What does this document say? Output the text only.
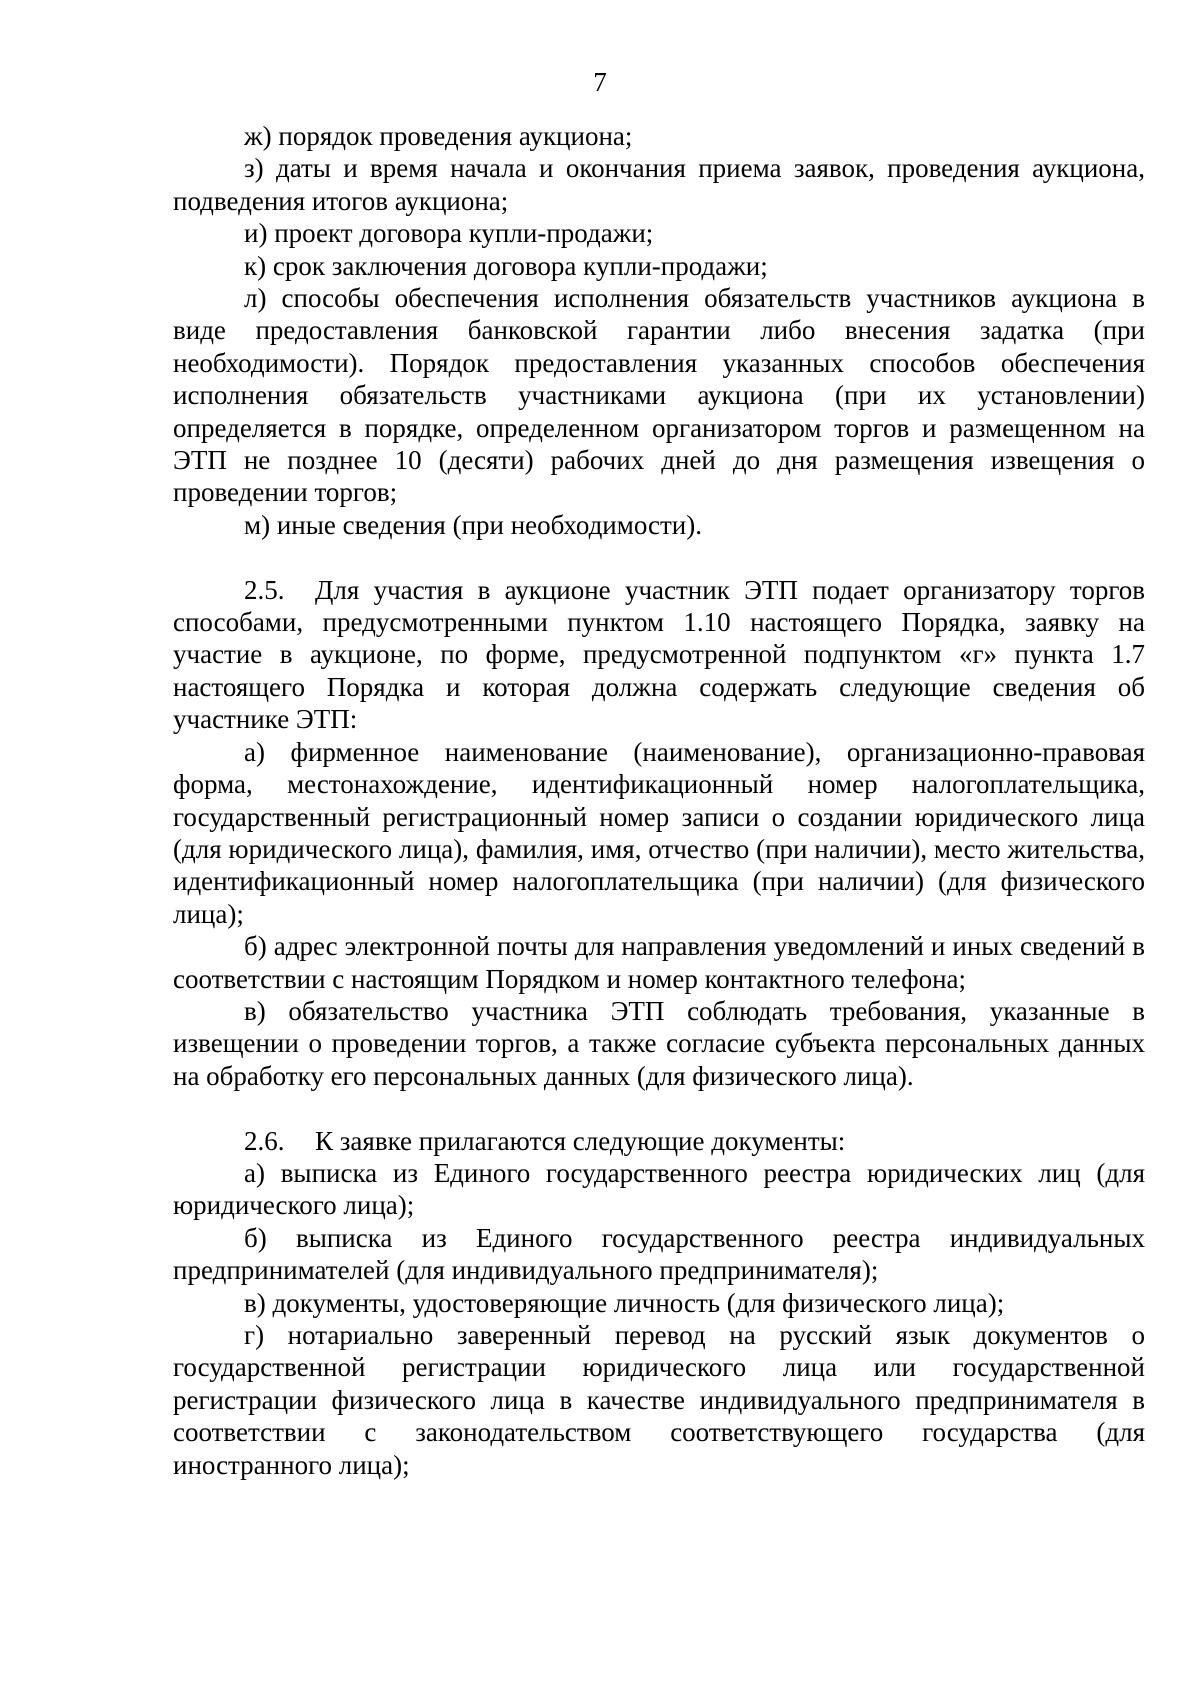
7

ж) порядок проведения аукциона;

з) даты и время начала и окончания приема заявок, проведения аукциона, подведения итогов аукциона;

и) проект договора купли-продажи;

к) срок заключения договора купли-продажи;

л) способы обеспечения исполнения обязательств участников аукциона в виде предоставления банковской гарантии либо внесения задатка (при необходимости). Порядок предоставления указанных способов обеспечения исполнения обязательств участниками аукциона (при их установлении) определяется в порядке, определенном организатором торгов и размещенном на ЭТП не позднее 10 (десяти) рабочих дней до дня размещения извещения о проведении торгов;

м) иные сведения (при необходимости).

2.5. Для участия в аукционе участник ЭТП подает организатору торгов способами, предусмотренными пунктом 1.10 настоящего Порядка, заявку на участие в аукционе, по форме, предусмотренной подпунктом «г» пункта 1.7 настоящего Порядка и которая должна содержать следующие сведения об участнике ЭТП:

а) фирменное наименование (наименование), организационно-правовая форма, местонахождение, идентификационный номер налогоплательщика, государственный регистрационный номер записи о создании юридического лица (для юридического лица), фамилия, имя, отчество (при наличии), место жительства, идентификационный номер налогоплательщика (при наличии) (для физического лица);

б) адрес электронной почты для направления уведомлений и иных сведений в соответствии с настоящим Порядком и номер контактного телефона;

в) обязательство участника ЭТП соблюдать требования, указанные в извещении о проведении торгов, а также согласие субъекта персональных данных на обработку его персональных данных (для физического лица).

2.6. К заявке прилагаются следующие документы:

а) выписка из Единого государственного реестра юридических лиц (для юридического лица);

б) выписка из Единого государственного реестра индивидуальных предпринимателей (для индивидуального предпринимателя);

в) документы, удостоверяющие личность (для физического лица);

г) нотариально заверенный перевод на русский язык документов о государственной регистрации юридического лица или государственной регистрации физического лица в качестве индивидуального предпринимателя в соответствии с законодательством соответствующего государства (для иностранного лица);
